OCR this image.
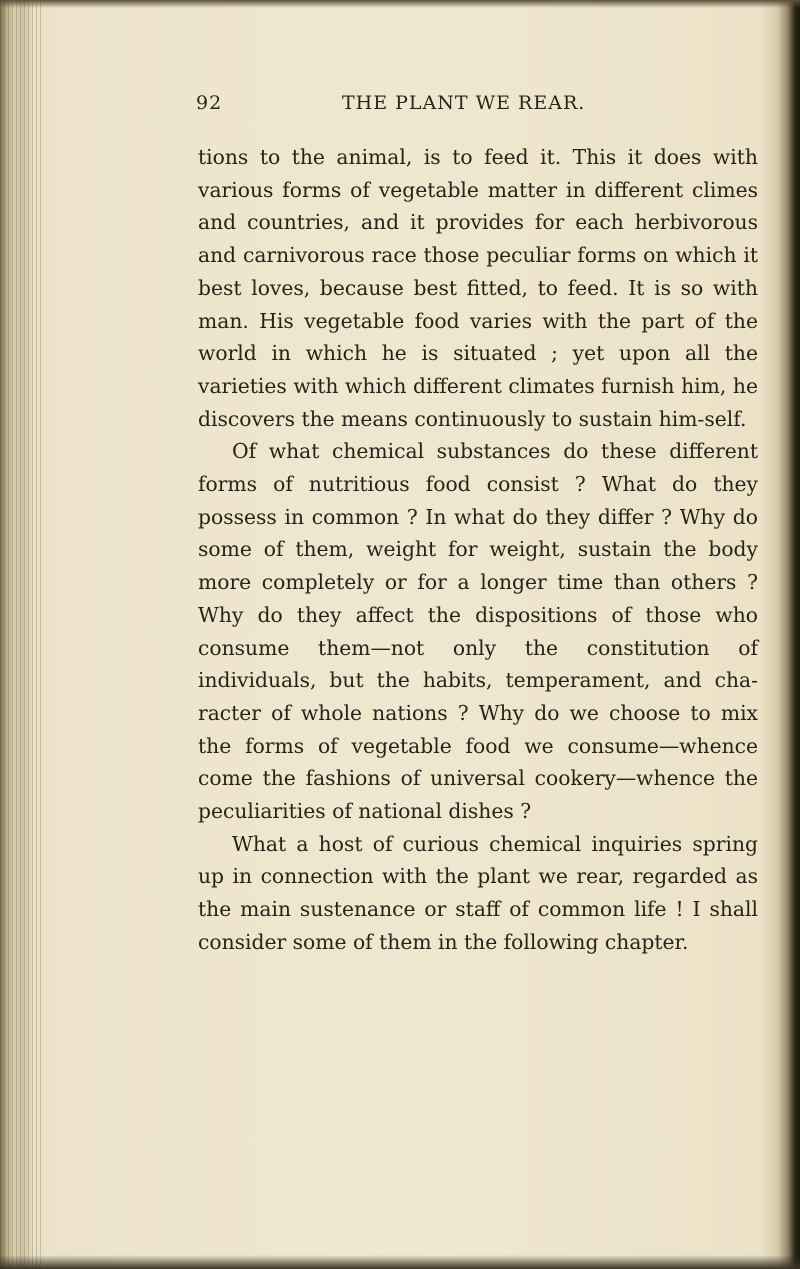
92	THE PLANT WE REAR.

tions to the animal, is to feed it. This it does with various forms of vegetable matter in different climes and countries, and it provides for each herbivorous and carnivorous race those peculiar forms on which it best loves, because best fitted, to feed. It is so with man. His vegetable food varies with the part of the world in which he is situated ; yet upon all the varieties with which different climates furnish him, he discovers the means continuously to sustain him-self.

Of what chemical substances do these different forms of nutritious food consist ? What do they possess in common ? In what do they differ ? Why do some of them, weight for weight, sustain the body more completely or for a longer time than others ? Why do they affect the dispositions of those who consume them—not only the constitution of individuals, but the habits, temperament, and cha-racter of whole nations ? Why do we choose to mix the forms of vegetable food we consume—whence come the fashions of universal cookery—whence the peculiarities of national dishes ?

What a host of curious chemical inquiries spring up in connection with the plant we rear, regarded as the main sustenance or staff of common life ! I shall consider some of them in the following chapter.
